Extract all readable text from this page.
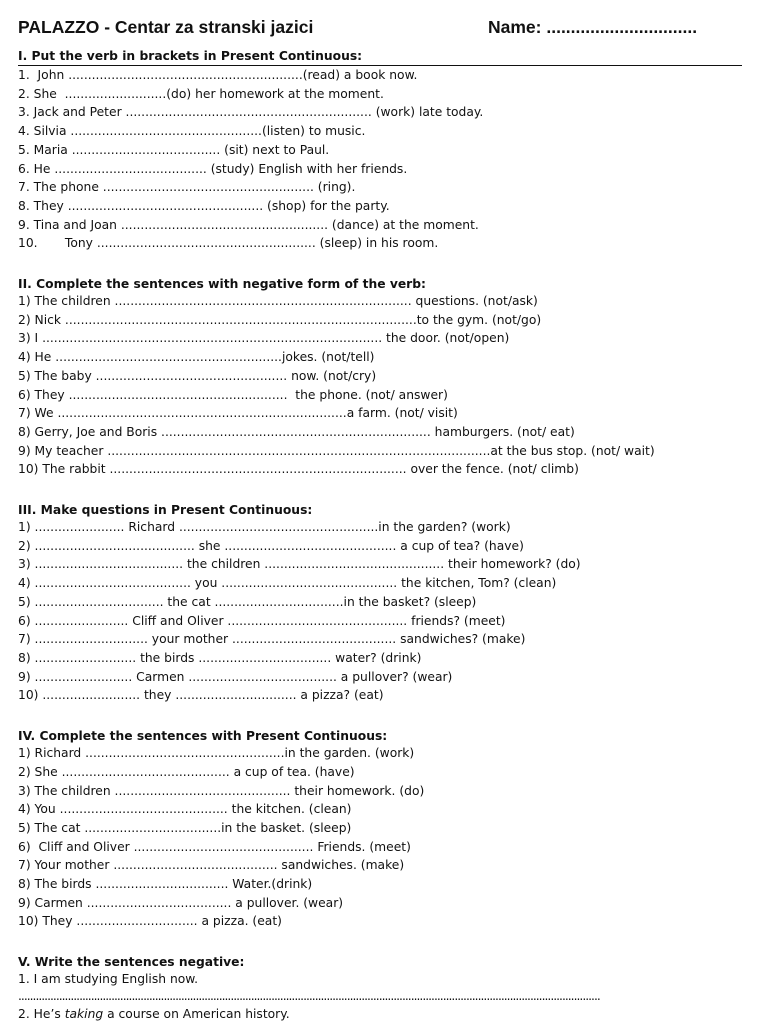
PALAZZO - Centar za stranski jazici	Name: ...............................
I. Put the verb in brackets in Present Continuous:
1.  John ............................................................(read) a book now.
2. She  ..........................(do) her homework at the moment.
3. Jack and Peter ............................................................... (work) late today.
4. Silvia .................................................(listen) to music.
5. Maria ...................................... (sit) next to Paul.
6. He ....................................... (study) English with her friends.
7. The phone ...................................................... (ring).
8. They .................................................. (shop) for the party.
9. Tina and Joan ..................................................... (dance) at the moment.
10.       Tony ........................................................ (sleep) in his room.
II. Complete the sentences with negative form of the verb:
1) The children ............................................................................ questions. (not/ask)
2) Nick ..........................................................................................to the gym. (not/go)
3) I ....................................................................................... the door. (not/open)
4) He ..........................................................jokes. (not/tell)
5) The baby ................................................. now. (not/cry)
6) They ........................................................  the phone. (not/ answer)
7) We ..........................................................................a farm. (not/ visit)
8) Gerry, Joe and Boris ..................................................................... hamburgers. (not/ eat)
9) My teacher ..................................................................................................at the bus stop. (not/ wait)
10) The rabbit ............................................................................ over the fence. (not/ climb)
III. Make questions in Present Continuous:
1) ....................... Richard ...................................................in the garden? (work)
2) ......................................... she ............................................ a cup of tea? (have)
3) ...................................... the children .............................................. their homework? (do)
4) ........................................ you ............................................. the kitchen, Tom? (clean)
5) ................................. the cat .................................in the basket? (sleep)
6) ........................ Cliff and Oliver .............................................. friends? (meet)
7) ............................. your mother .......................................... sandwiches? (make)
8) .......................... the birds .................................. water? (drink)
9) ......................... Carmen ...................................... a pullover? (wear)
10) ......................... they ............................... a pizza? (eat)
IV. Complete the sentences with Present Continuous:
1) Richard ...................................................in the garden. (work)
2) She ........................................... a cup of tea. (have)
3) The children ............................................. their homework. (do)
4) You ........................................... the kitchen. (clean)
5) The cat ...................................in the basket. (sleep)
6)  Cliff and Oliver .............................................. Friends. (meet)
7) Your mother .......................................... sandwiches. (make)
8) The birds .................................. Water.(drink)
9) Carmen ..................................... a pullover. (wear)
10) They ............................... a pizza. (eat)
V. Write the sentences negative:
1. I am studying English now.
........................................................................................................................................................................................................
2. He’s taking a course on American history.
